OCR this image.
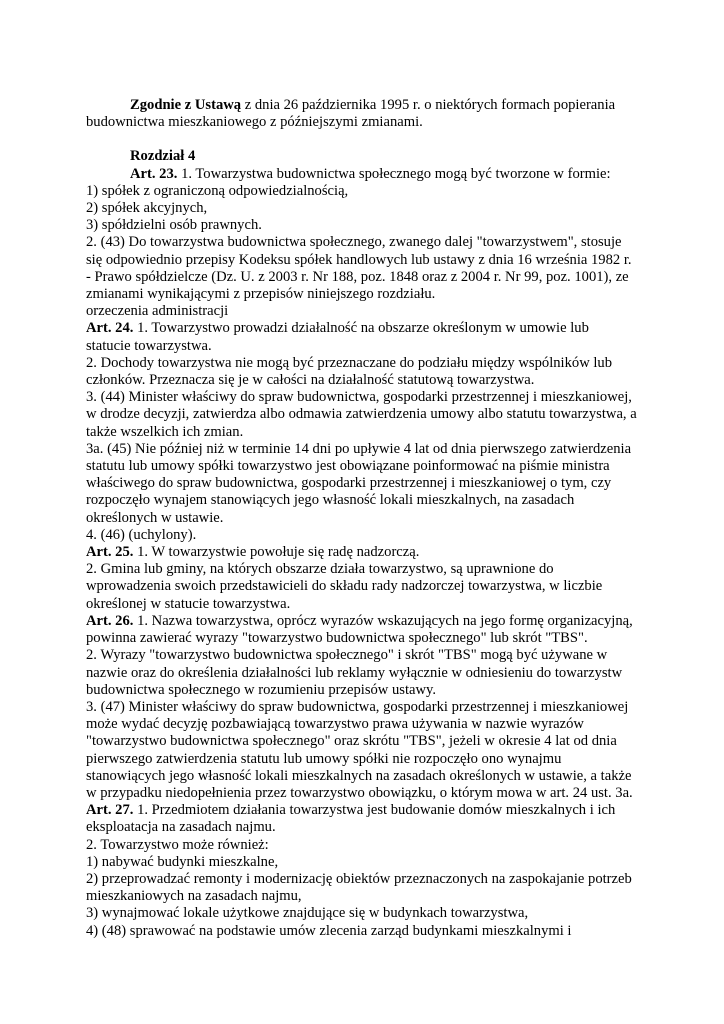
Zgodnie z Ustawą z dnia 26 października 1995 r. o niektórych formach popierania
budownictwa mieszkaniowego z późniejszymi zmianami.
Rozdział 4
Art. 23. 1. Towarzystwa budownictwa społecznego mogą być tworzone w formie:
1) spółek z ograniczoną odpowiedzialnością,
2) spółek akcyjnych,
3) spółdzielni osób prawnych.
2. (43) Do towarzystwa budownictwa społecznego, zwanego dalej "towarzystwem", stosuje
się odpowiednio przepisy Kodeksu spółek handlowych lub ustawy z dnia 16 września 1982 r.
- Prawo spółdzielcze (Dz. U. z 2003 r. Nr 188, poz. 1848 oraz z 2004 r. Nr 99, poz. 1001), ze
zmianami wynikającymi z przepisów niniejszego rozdziału.
orzeczenia administracji
Art. 24. 1. Towarzystwo prowadzi działalność na obszarze określonym w umowie lub
statucie towarzystwa.
2. Dochody towarzystwa nie mogą być przeznaczane do podziału między wspólników lub
członków. Przeznacza się je w całości na działalność statutową towarzystwa.
3. (44) Minister właściwy do spraw budownictwa, gospodarki przestrzennej i mieszkaniowej,
w drodze decyzji, zatwierdza albo odmawia zatwierdzenia umowy albo statutu towarzystwa, a
także wszelkich ich zmian.
3a. (45) Nie później niż w terminie 14 dni po upływie 4 lat od dnia pierwszego zatwierdzenia
statutu lub umowy spółki towarzystwo jest obowiązane poinformować na piśmie ministra
właściwego do spraw budownictwa, gospodarki przestrzennej i mieszkaniowej o tym, czy
rozpoczęło wynajem stanowiących jego własność lokali mieszkalnych, na zasadach
określonych w ustawie.
4. (46) (uchylony).
Art. 25. 1. W towarzystwie powołuje się radę nadzorczą.
2. Gmina lub gminy, na których obszarze działa towarzystwo, są uprawnione do
wprowadzenia swoich przedstawicieli do składu rady nadzorczej towarzystwa, w liczbie
określonej w statucie towarzystwa.
Art. 26. 1. Nazwa towarzystwa, oprócz wyrazów wskazujących na jego formę organizacyjną,
powinna zawierać wyrazy "towarzystwo budownictwa społecznego" lub skrót "TBS".
2. Wyrazy "towarzystwo budownictwa społecznego" i skrót "TBS" mogą być używane w
nazwie oraz do określenia działalności lub reklamy wyłącznie w odniesieniu do towarzystw
budownictwa społecznego w rozumieniu przepisów ustawy.
3. (47) Minister właściwy do spraw budownictwa, gospodarki przestrzennej i mieszkaniowej
może wydać decyzję pozbawiającą towarzystwo prawa używania w nazwie wyrazów
"towarzystwo budownictwa społecznego" oraz skrótu "TBS", jeżeli w okresie 4 lat od dnia
pierwszego zatwierdzenia statutu lub umowy spółki nie rozpoczęło ono wynajmu
stanowiących jego własność lokali mieszkalnych na zasadach określonych w ustawie, a także
w przypadku niedopełnienia przez towarzystwo obowiązku, o którym mowa w art. 24 ust. 3a.
Art. 27. 1. Przedmiotem działania towarzystwa jest budowanie domów mieszkalnych i ich
eksploatacja na zasadach najmu.
2. Towarzystwo może również:
1) nabywać budynki mieszkalne,
2) przeprowadzać remonty i modernizację obiektów przeznaczonych na zaspokajanie potrzeb
mieszkaniowych na zasadach najmu,
3) wynajmować lokale użytkowe znajdujące się w budynkach towarzystwa,
4) (48) sprawować na podstawie umów zlecenia zarząd budynkami mieszkalnymi i
